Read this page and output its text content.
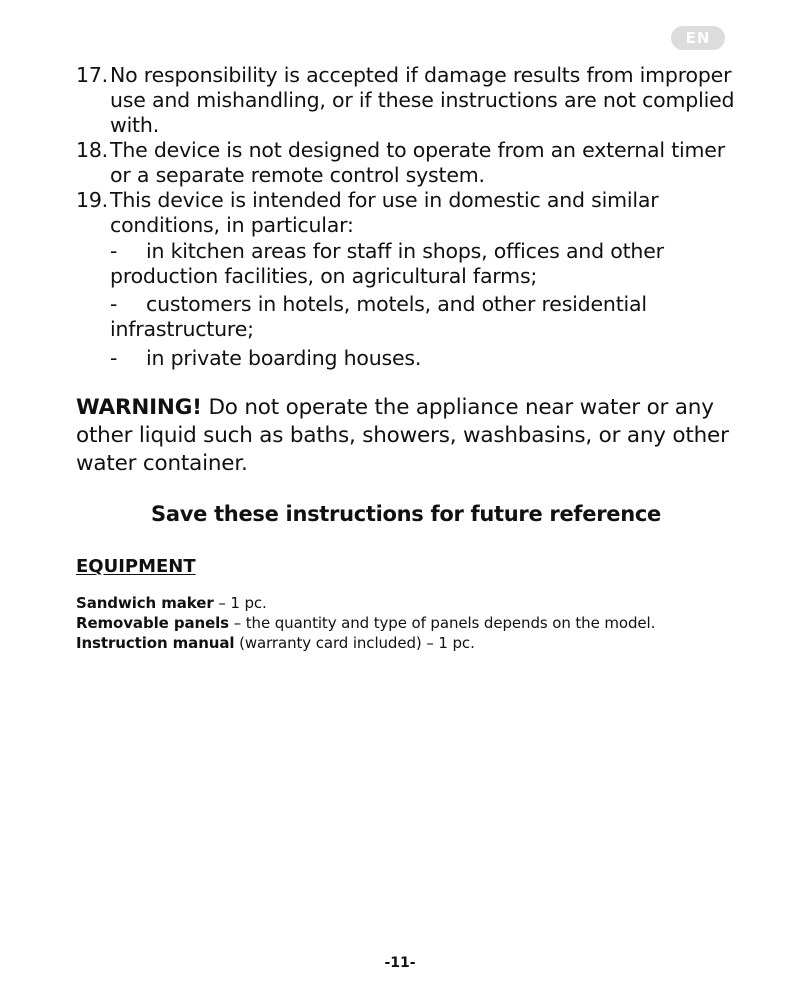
EN
17. No responsibility is accepted if damage results from improper use and mishandling, or if these instructions are not complied with.
18. The device is not designed to operate from an external timer or a separate remote control system.
19. This device is intended for use in domestic and similar conditions, in particular:
- in kitchen areas for staff in shops, offices and other
production facilities, on agricultural farms;
- customers in hotels, motels, and other residential
infrastructure;
- in private boarding houses.
WARNING! Do not operate the appliance near water or any other liquid such as baths, showers, washbasins, or any other water container.
Save these instructions for future reference
EQUIPMENT
Sandwich maker – 1 pc.
Removable panels – the quantity and type of panels depends on the model.
Instruction manual (warranty card included) – 1 pc.
-11-
